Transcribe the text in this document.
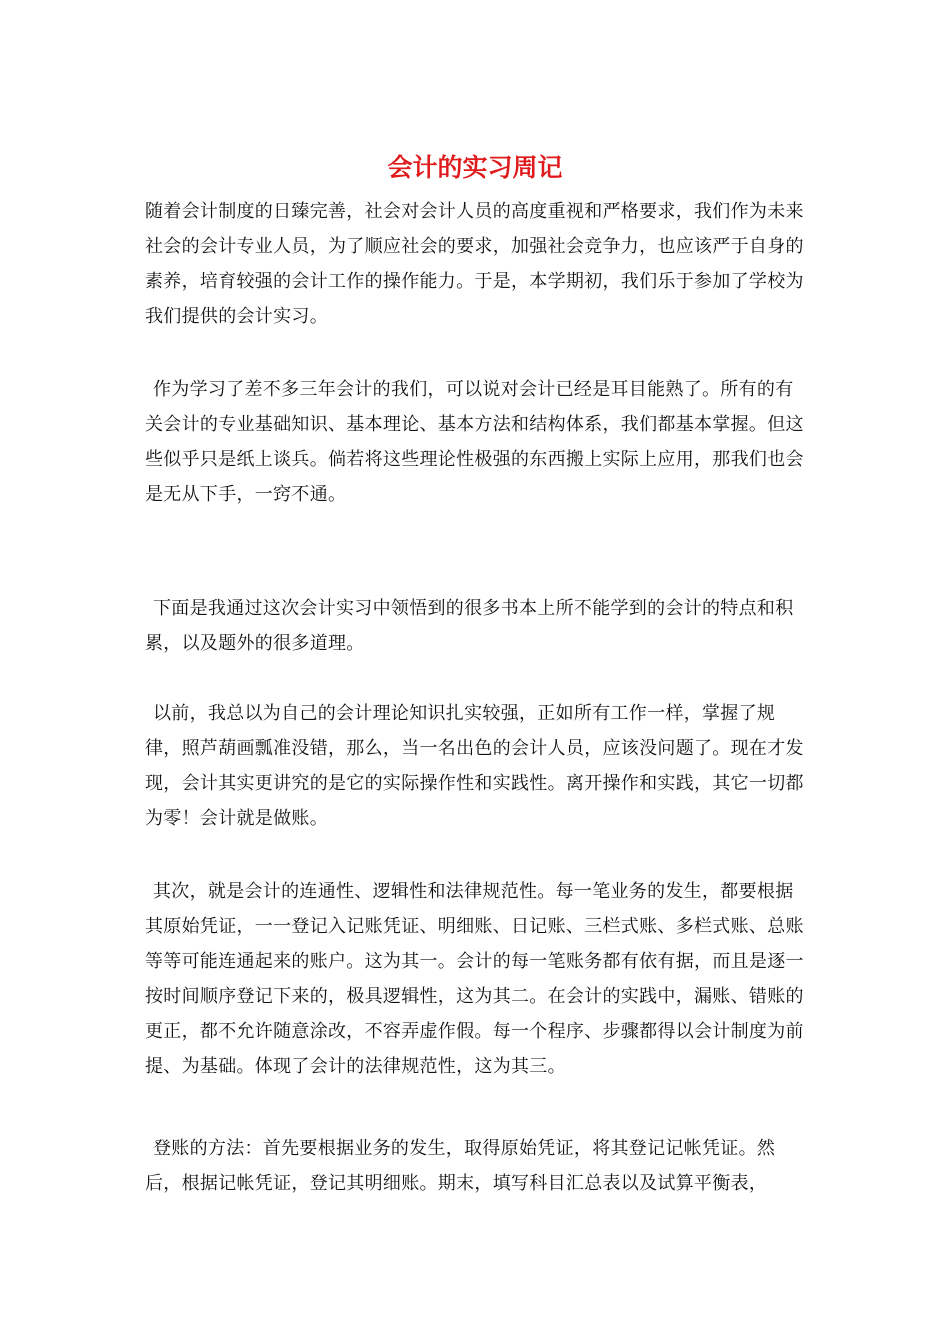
会计的实习周记

随着会计制度的日臻完善，社会对会计人员的高度重视和严格要求，我们作为未来社会的会计专业人员，为了顺应社会的要求，加强社会竞争力，也应该严于自身的素养，培育较强的会计工作的操作能力。于是，本学期初，我们乐于参加了学校为我们提供的会计实习。

作为学习了差不多三年会计的我们，可以说对会计已经是耳目能熟了。所有的有关会计的专业基础知识、基本理论、基本方法和结构体系，我们都基本掌握。但这些似乎只是纸上谈兵。倘若将这些理论性极强的东西搬上实际上应用，那我们也会是无从下手，一窍不通。

下面是我通过这次会计实习中领悟到的很多书本上所不能学到的会计的特点和积累，以及题外的很多道理。

以前，我总以为自己的会计理论知识扎实较强，正如所有工作一样，掌握了规律，照芦葫画瓢准没错，那么，当一名出色的会计人员，应该没问题了。现在才发现，会计其实更讲究的是它的实际操作性和实践性。离开操作和实践，其它一切都为零！会计就是做账。

其次，就是会计的连通性、逻辑性和法律规范性。每一笔业务的发生，都要根据其原始凭证，一一登记入记账凭证、明细账、日记账、三栏式账、多栏式账、总账等等可能连通起来的账户。这为其一。会计的每一笔账务都有依有据，而且是逐一按时间顺序登记下来的，极具逻辑性，这为其二。在会计的实践中，漏账、错账的更正，都不允许随意涂改，不容弄虚作假。每一个程序、步骤都得以会计制度为前提、为基础。体现了会计的法律规范性，这为其三。

登账的方法：首先要根据业务的发生，取得原始凭证，将其登记记帐凭证。然后，根据记帐凭证，登记其明细账。期末，填写科目汇总表以及试算平衡表，
